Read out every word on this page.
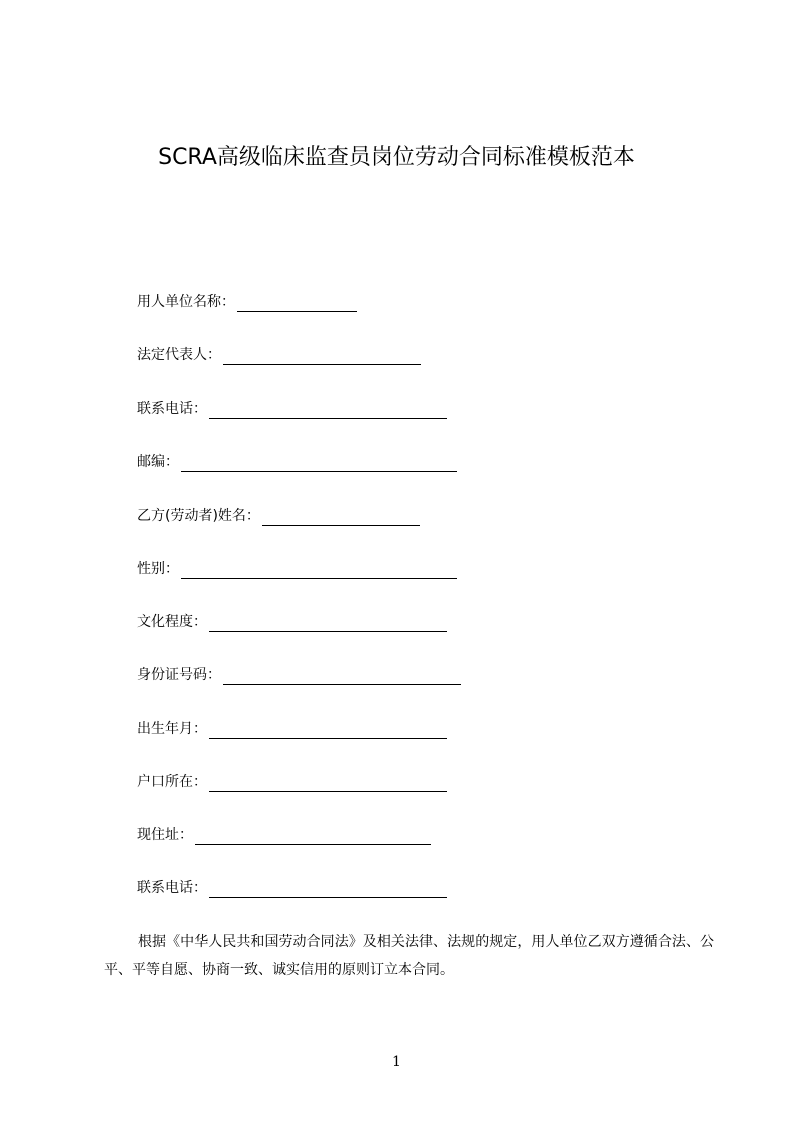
SCRA高级临床监查员岗位劳动合同标准模板范本
用人单位名称：
法定代表人：
联系电话：
邮编：
乙方(劳动者)姓名：
性别：
文化程度：
身份证号码：
出生年月：
户口所在：
现住址：
联系电话：
根据《中华人民共和国劳动合同法》及相关法律、法规的规定，用人单位乙双方遵循合法、公平、平等自愿、协商一致、诚实信用的原则订立本合同。
1
